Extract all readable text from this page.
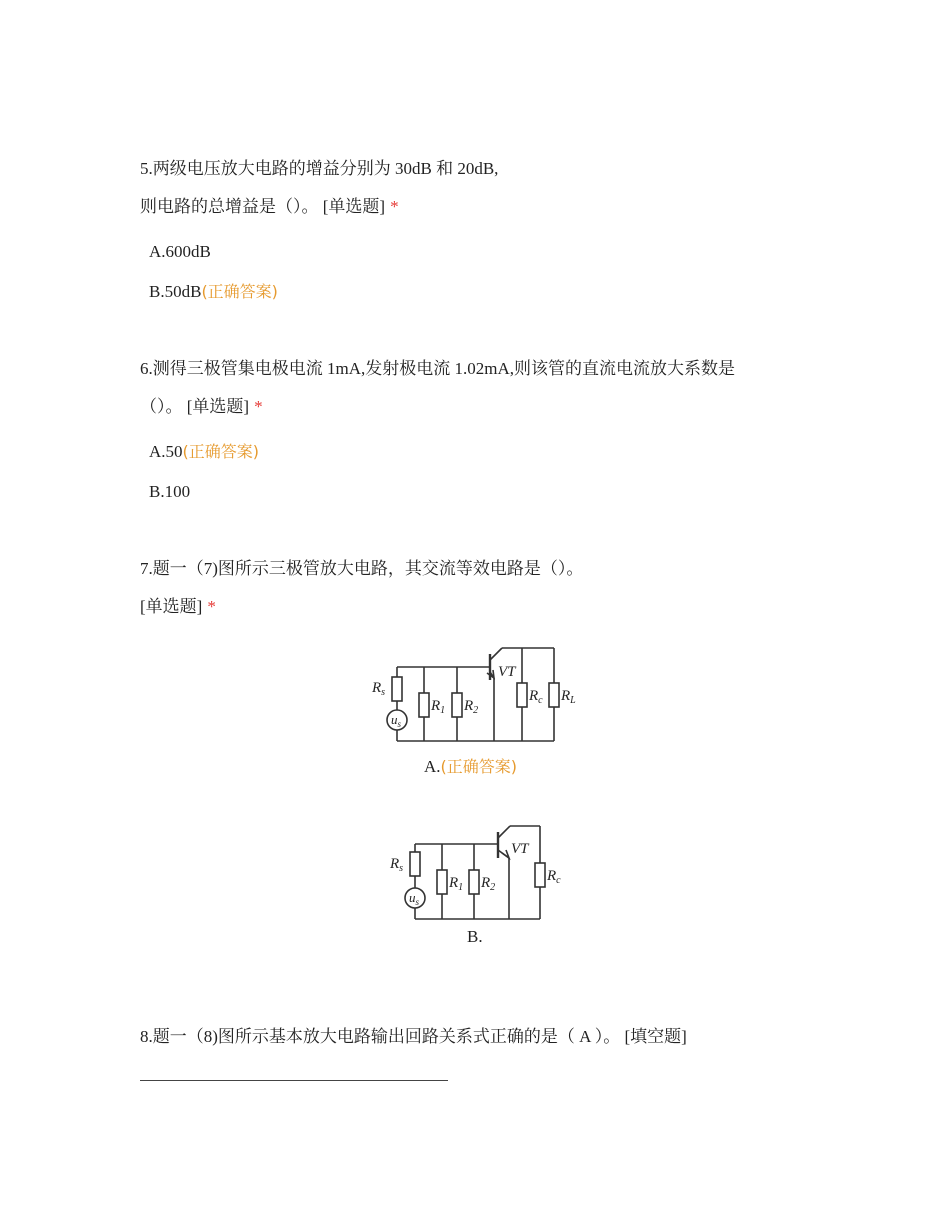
5.两级电压放大电路的增益分别为 30dB 和 20dB,
则电路的总增益是（）。 [单选题] *
A.600dB
B.50dB(正确答案)
6.测得三极管集电极电流 1mA,发射极电流 1.02mA,则该管的直流电流放大系数是
（）。 [单选题] *
A.50(正确答案)
B.100
7.题一（7)图所示三极管放大电路，其交流等效电路是（）。
[单选题] *
$R_s$
$u_s$
$R_1$ $R_2$
VT
$R_c$ $R_L$
A.(正确答案)
$R_s$
$u_s$
$R_1$ $R_2$
VT
$R_c$
B.
8.题一（8)图所示基本放大电路输出回路关系式正确的是（ A ）。 [填空题]
